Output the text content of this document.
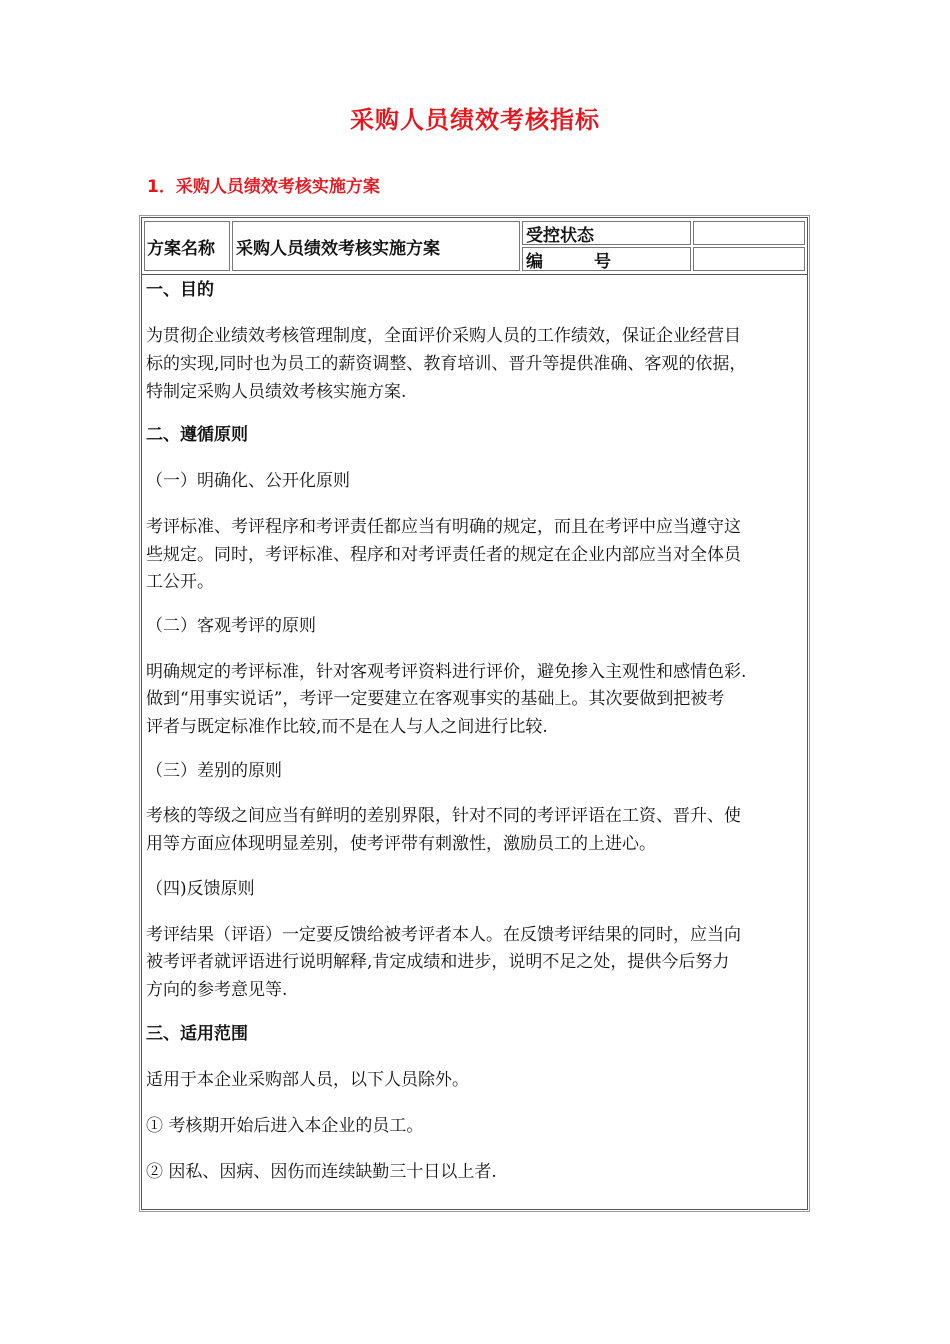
采购人员绩效考核指标
1．采购人员绩效考核实施方案
方案名称	采购人员绩效考核实施方案
受控状态
编　　　号
一、目的
为贯彻企业绩效考核管理制度，全面评价采购人员的工作绩效，保证企业经营目
标的实现,同时也为员工的薪资调整、教育培训、晋升等提供准确、客观的依据，
特制定采购人员绩效考核实施方案.
二、遵循原则
（一）明确化、公开化原则
考评标准、考评程序和考评责任都应当有明确的规定，而且在考评中应当遵守这
些规定。同时，考评标准、程序和对考评责任者的规定在企业内部应当对全体员
工公开。
（二）客观考评的原则
明确规定的考评标准，针对客观考评资料进行评价，避免掺入主观性和感情色彩.
做到“用事实说话”，考评一定要建立在客观事实的基础上。其次要做到把被考
评者与既定标准作比较,而不是在人与人之间进行比较.
（三）差别的原则
考核的等级之间应当有鲜明的差别界限，针对不同的考评评语在工资、晋升、使
用等方面应体现明显差别，使考评带有刺激性，激励员工的上进心。
（四)反馈原则
考评结果（评语）一定要反馈给被考评者本人。在反馈考评结果的同时，应当向
被考评者就评语进行说明解释,肯定成绩和进步，说明不足之处，提供今后努力
方向的参考意见等.
三、适用范围
适用于本企业采购部人员，以下人员除外。
① 考核期开始后进入本企业的员工。
② 因私、因病、因伤而连续缺勤三十日以上者.
